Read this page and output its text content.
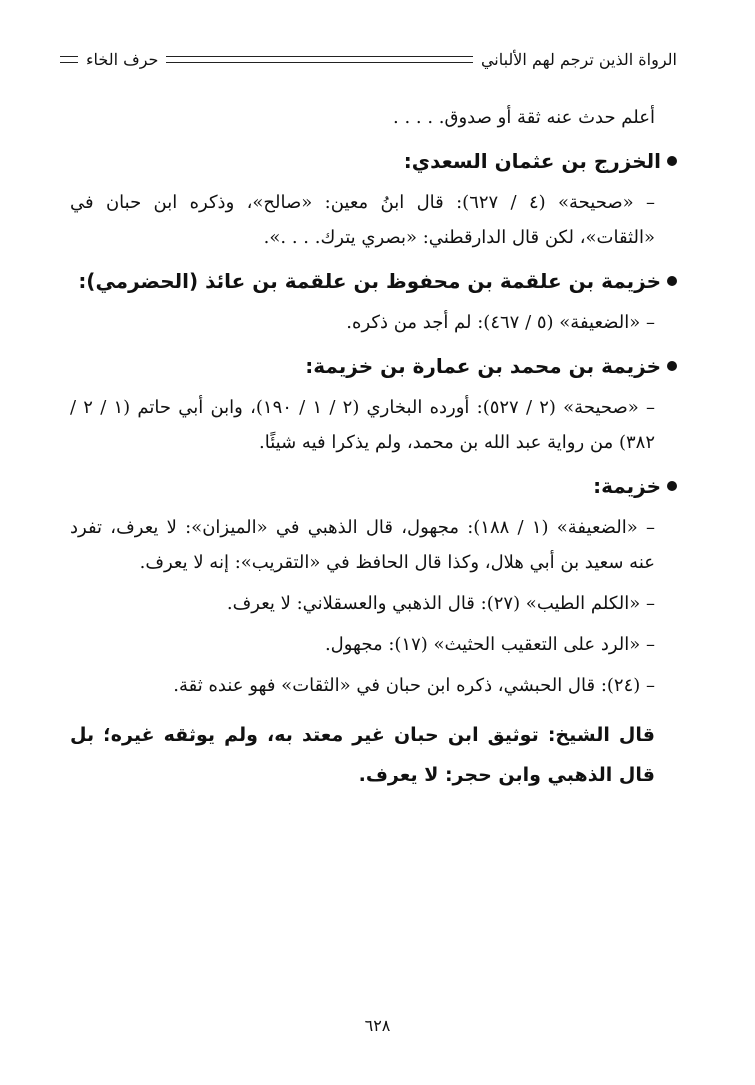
الرواة الذين ترجم لهم الألباني
حرف الخاء

أعلم حدث عنه ثقة أو صدوق. . . . .

الخزرج بن عثمان السعدي:

– «صحيحة» (٤ / ٦٢٧): قال ابنُ معين: «صالح»، وذكره ابن حبان في «الثقات»، لكن قال الدارقطني: «بصري يترك. . . .».

خزيمة بن علقمة بن محفوظ بن علقمة بن عائذ (الحضرمي):

– «الضعيفة» (٥ / ٤٦٧): لم أجد من ذكره.

خزيمة بن محمد بن عمارة بن خزيمة:

– «صحيحة» (٢ / ٥٢٧): أورده البخاري (٢ / ١ / ١٩٠)، وابن أبي حاتم (١ / ٢ / ٣٨٢) من رواية عبد الله بن محمد، ولم يذكرا فيه شيئًا.

خزيمة:

– «الضعيفة» (١ / ١٨٨): مجهول، قال الذهبي في «الميزان»: لا يعرف، تفرد عنه سعيد بن أبي هلال، وكذا قال الحافظ في «التقريب»: إنه لا يعرف.

– «الكلم الطيب» (٢٧): قال الذهبي والعسقلاني: لا يعرف.

– «الرد على التعقيب الحثيث» (١٧): مجهول.

– (٢٤): قال الحبشي، ذكره ابن حبان في «الثقات» فهو عنده ثقة.

قال الشيخ: توثيق ابن حبان غير معتد به، ولم يوثقه غيره؛ بل قال الذهبي وابن حجر: لا يعرف.

٦٢٨
